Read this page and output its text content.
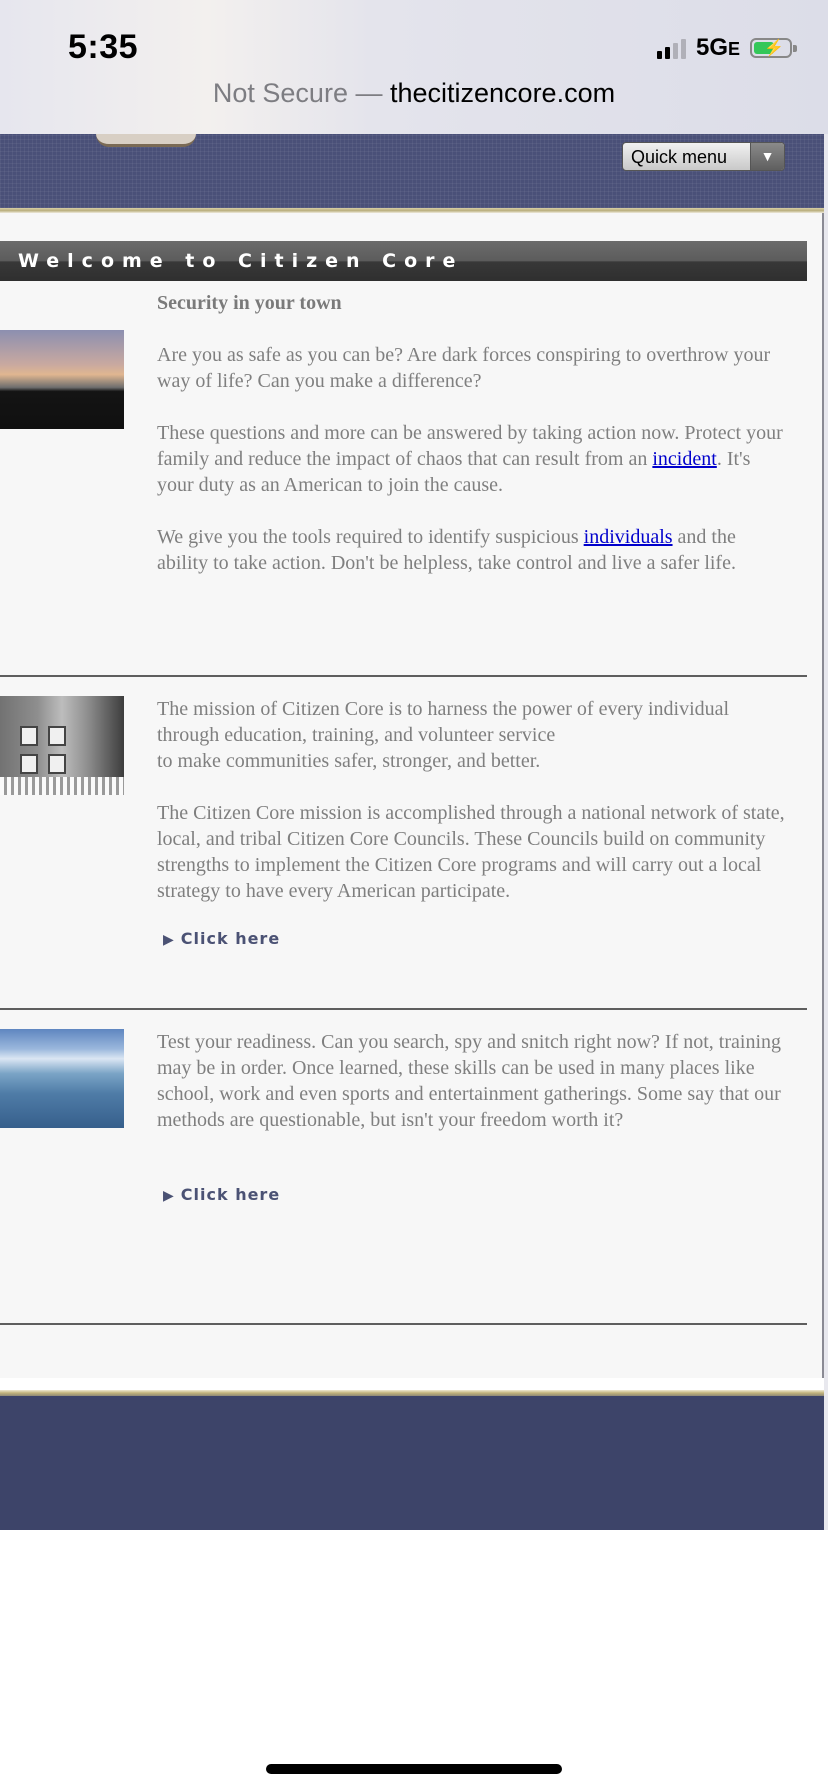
5:35	5GE ⚡
Not Secure — thecitizencore.com
Quick menu	▼
Welcome to Citizen Core

Security in your town

Are you as safe as you can be? Are dark forces conspiring to overthrow your way of life? Can you make a difference?

These questions and more can be answered by taking action now. Protect your family and reduce the impact of chaos that can result from an incident. It's your duty as an American to join the cause.

We give you the tools required to identify suspicious individuals and the ability to take action. Don't be helpless, take control and live a safer life.

The mission of Citizen Core is to harness the power of every individual through education, training, and volunteer service
to make communities safer, stronger, and better.

The Citizen Core mission is accomplished through a national network of state, local, and tribal Citizen Core Councils. These Councils build on community strengths to implement the Citizen Core programs and will carry out a local strategy to have every American participate.

▶ Click here

Test your readiness. Can you search, spy and snitch right now? If not, training may be in order. Once learned, these skills can be used in many places like school, work and even sports and entertainment gatherings. Some say that our methods are questionable, but isn't your freedom worth it?

▶ Click here
